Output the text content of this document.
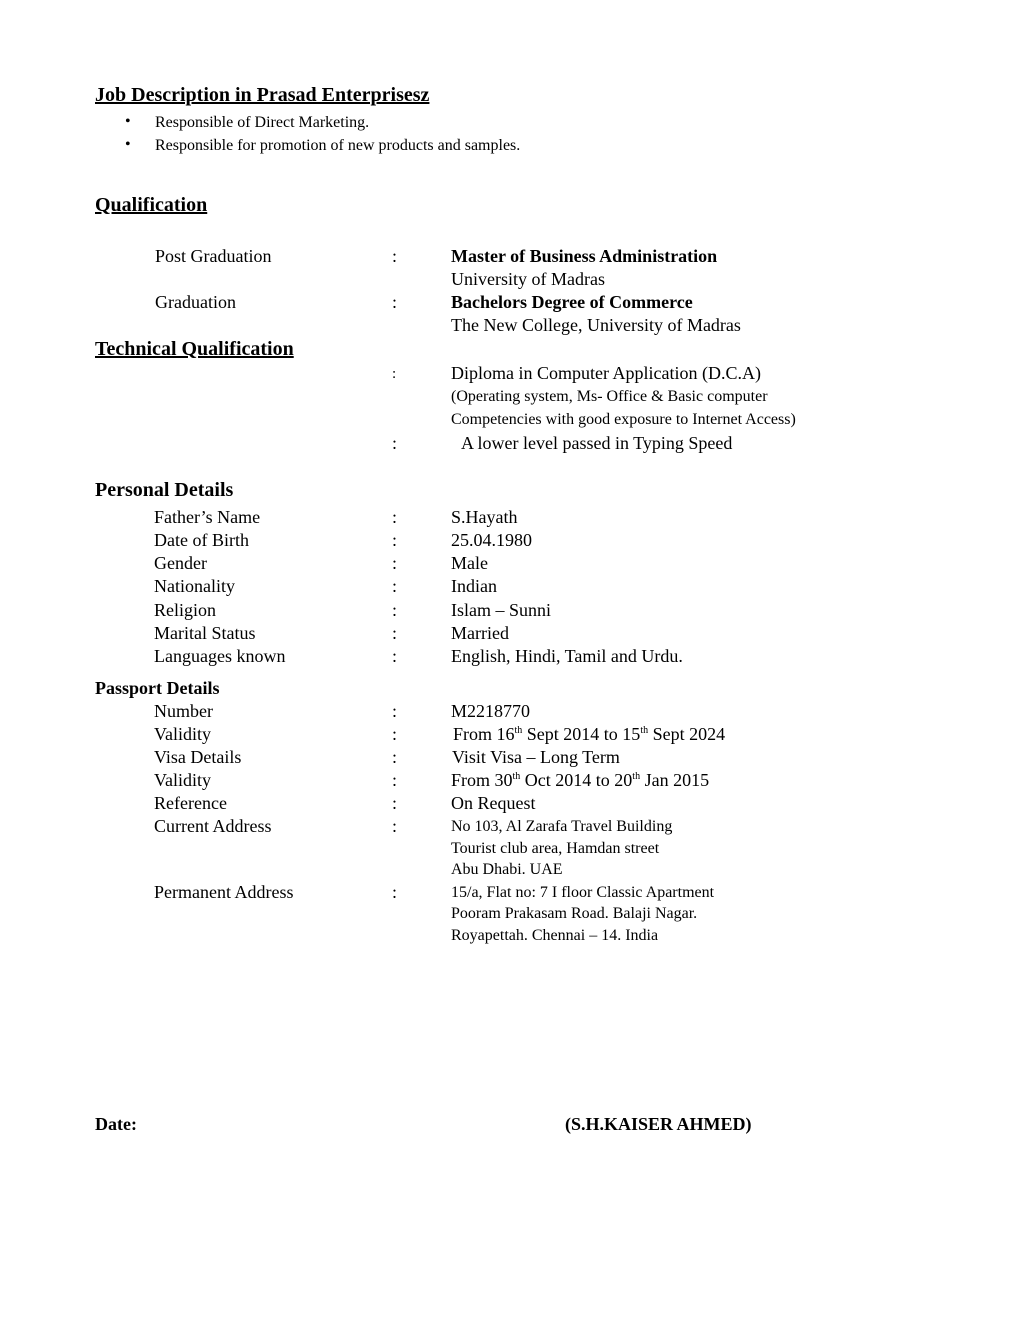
Job Description in Prasad Enterprisesz
• Responsible of Direct Marketing.
• Responsible for promotion of new products and samples.
Qualification
Post Graduation	:	Master of Business Administration
University of Madras
Graduation	:	Bachelors Degree of Commerce
The New College, University of Madras
Technical Qualification
:	Diploma in Computer Application (D.C.A)
(Operating system, Ms- Office & Basic computer
Competencies with good exposure to Internet Access)
:	A lower level passed in Typing Speed
Personal Details
Father’s Name	:	S.Hayath
Date of Birth	:	25.04.1980
Gender	:	Male
Nationality	:	Indian
Religion	:	Islam – Sunni
Marital Status	:	Married
Languages known	:	English, Hindi, Tamil and Urdu.
Passport Details
Number	:	M2218770
Validity	:	From 16th Sept 2014 to 15th Sept 2024
Visa Details	:	Visit Visa – Long Term
Validity	:	From 30th Oct 2014 to 20th Jan 2015
Reference	:	On Request
Current Address	:	No 103, Al Zarafa Travel Building
Tourist club area, Hamdan street
Abu Dhabi. UAE
Permanent Address	:	15/a, Flat no: 7 I floor Classic Apartment
Pooram Prakasam Road. Balaji Nagar.
Royapettah. Chennai – 14. India
Date:	(S.H.KAISER AHMED)
